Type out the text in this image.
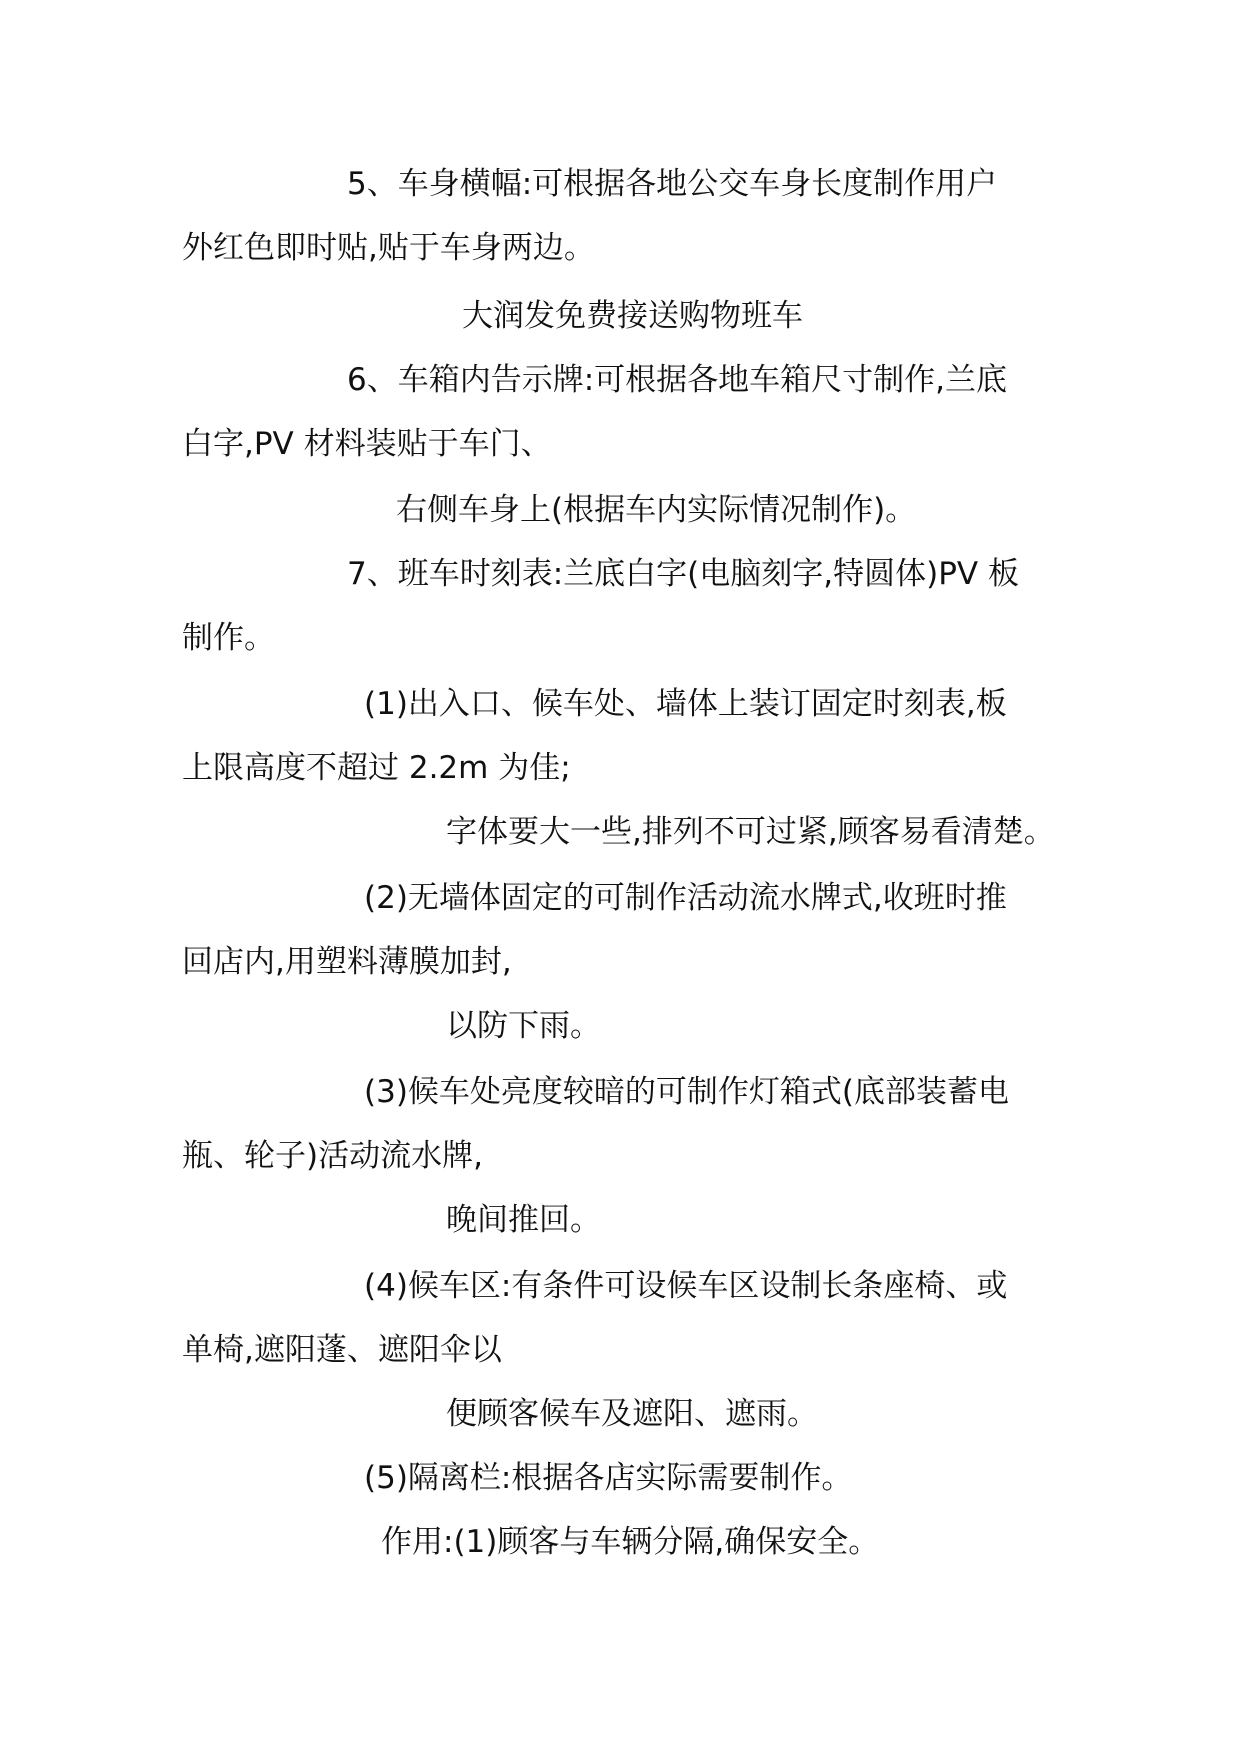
5、车身横幅:可根据各地公交车身长度制作用户

外红色即时贴,贴于车身两边。

大润发免费接送购物班车

6、车箱内告示牌:可根据各地车箱尺寸制作,兰底

白字,PV 材料装贴于车门、

右侧车身上(根据车内实际情况制作)。

7、班车时刻表:兰底白字(电脑刻字,特圆体)PV 板

制作。

(1)出入口、候车处、墙体上装订固定时刻表,板

上限高度不超过 2.2m 为佳;

字体要大一些,排列不可过紧,顾客易看清楚。

(2)无墙体固定的可制作活动流水牌式,收班时推

回店内,用塑料薄膜加封,

以防下雨。

(3)候车处亮度较暗的可制作灯箱式(底部装蓄电

瓶、轮子)活动流水牌,

晚间推回。

(4)候车区:有条件可设候车区设制长条座椅、或

单椅,遮阳蓬、遮阳伞以

便顾客候车及遮阳、遮雨。

(5)隔离栏:根据各店实际需要制作。

作用:(1)顾客与车辆分隔,确保安全。
